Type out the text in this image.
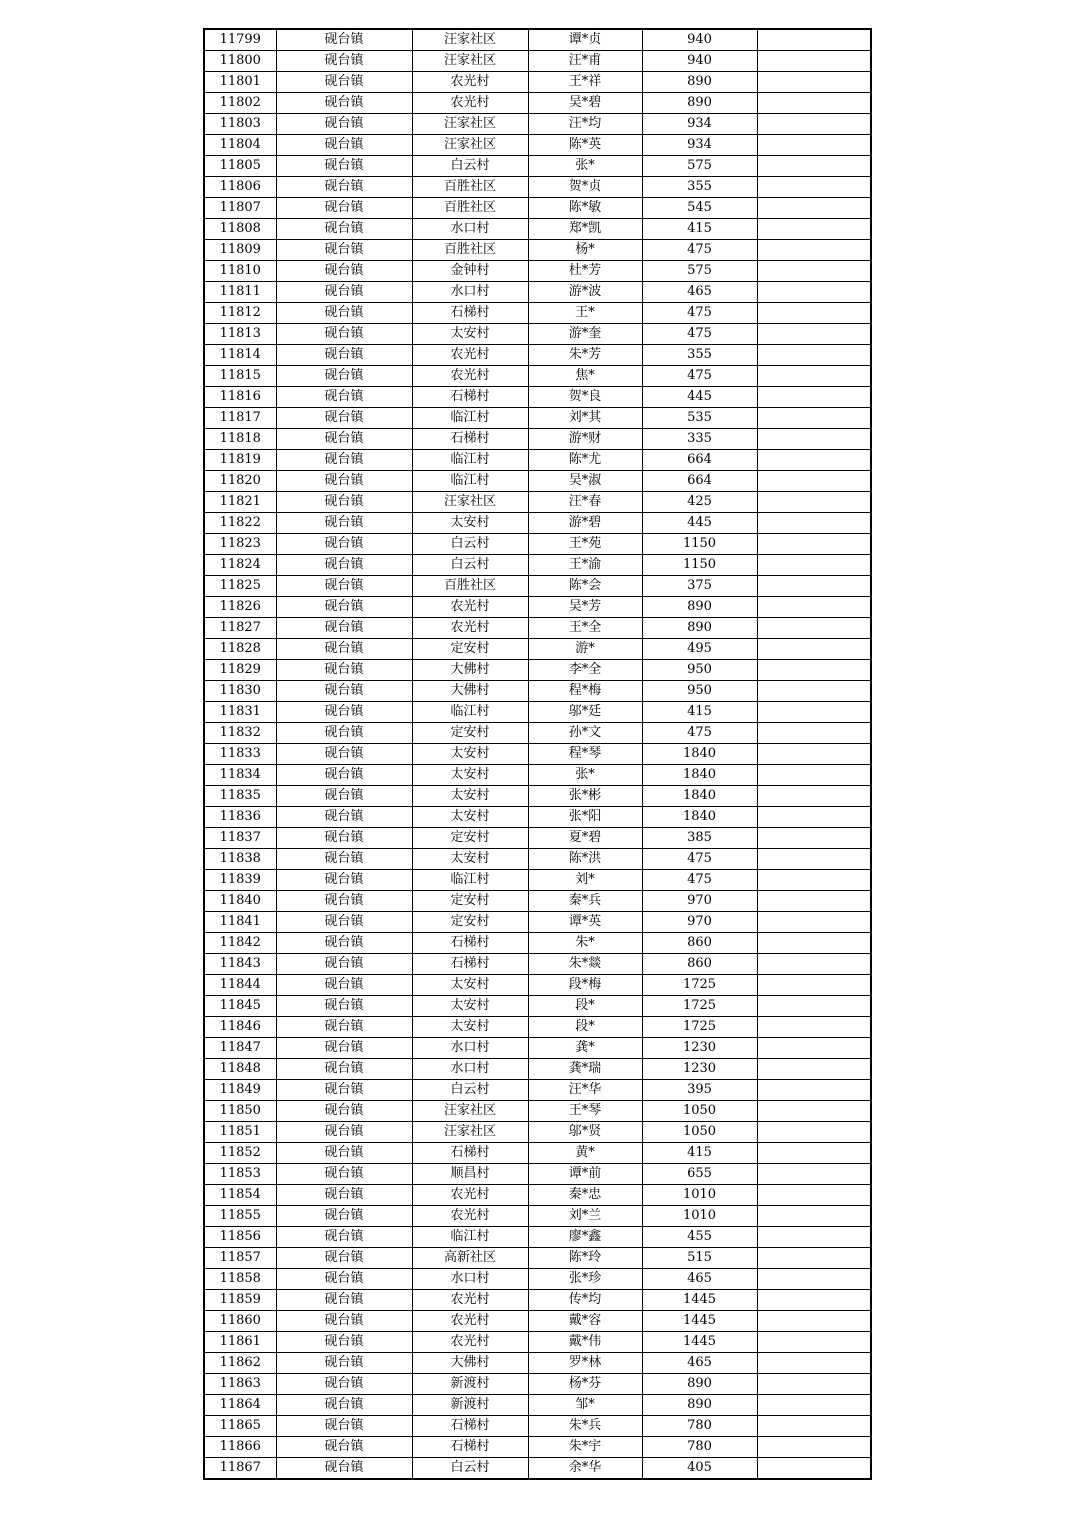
11799	砚台镇	汪家社区	谭*贞	940	
11800	砚台镇	汪家社区	汪*甫	940	
11801	砚台镇	农光村	王*祥	890	
11802	砚台镇	农光村	吴*碧	890	
11803	砚台镇	汪家社区	汪*均	934	
11804	砚台镇	汪家社区	陈*英	934	
11805	砚台镇	白云村	张*	575	
11806	砚台镇	百胜社区	贺*贞	355	
11807	砚台镇	百胜社区	陈*敏	545	
11808	砚台镇	水口村	郑*凯	415	
11809	砚台镇	百胜社区	杨*	475	
11810	砚台镇	金钟村	杜*芳	575	
11811	砚台镇	水口村	游*波	465	
11812	砚台镇	石梯村	王*	475	
11813	砚台镇	太安村	游*奎	475	
11814	砚台镇	农光村	朱*芳	355	
11815	砚台镇	农光村	焦*	475	
11816	砚台镇	石梯村	贺*良	445	
11817	砚台镇	临江村	刘*其	535	
11818	砚台镇	石梯村	游*财	335	
11819	砚台镇	临江村	陈*尤	664	
11820	砚台镇	临江村	吴*淑	664	
11821	砚台镇	汪家社区	汪*春	425	
11822	砚台镇	太安村	游*碧	445	
11823	砚台镇	白云村	王*苑	1150	
11824	砚台镇	白云村	王*渝	1150	
11825	砚台镇	百胜社区	陈*会	375	
11826	砚台镇	农光村	吴*芳	890	
11827	砚台镇	农光村	王*全	890	
11828	砚台镇	定安村	游*	495	
11829	砚台镇	大佛村	李*全	950	
11830	砚台镇	大佛村	程*梅	950	
11831	砚台镇	临江村	邬*廷	415	
11832	砚台镇	定安村	孙*文	475	
11833	砚台镇	太安村	程*琴	1840	
11834	砚台镇	太安村	张*	1840	
11835	砚台镇	太安村	张*彬	1840	
11836	砚台镇	太安村	张*阳	1840	
11837	砚台镇	定安村	夏*碧	385	
11838	砚台镇	太安村	陈*洪	475	
11839	砚台镇	临江村	刘*	475	
11840	砚台镇	定安村	秦*兵	970	
11841	砚台镇	定安村	谭*英	970	
11842	砚台镇	石梯村	朱*	860	
11843	砚台镇	石梯村	朱*燚	860	
11844	砚台镇	太安村	段*梅	1725	
11845	砚台镇	太安村	段*	1725	
11846	砚台镇	太安村	段*	1725	
11847	砚台镇	水口村	龚*	1230	
11848	砚台镇	水口村	龚*瑞	1230	
11849	砚台镇	白云村	汪*华	395	
11850	砚台镇	汪家社区	王*琴	1050	
11851	砚台镇	汪家社区	邬*贤	1050	
11852	砚台镇	石梯村	黄*	415	
11853	砚台镇	顺昌村	谭*前	655	
11854	砚台镇	农光村	秦*忠	1010	
11855	砚台镇	农光村	刘*兰	1010	
11856	砚台镇	临江村	廖*鑫	455	
11857	砚台镇	高新社区	陈*玲	515	
11858	砚台镇	水口村	张*珍	465	
11859	砚台镇	农光村	传*均	1445	
11860	砚台镇	农光村	戴*容	1445	
11861	砚台镇	农光村	戴*伟	1445	
11862	砚台镇	大佛村	罗*林	465	
11863	砚台镇	新渡村	杨*芬	890	
11864	砚台镇	新渡村	邹*	890	
11865	砚台镇	石梯村	朱*兵	780	
11866	砚台镇	石梯村	朱*宇	780	
11867	砚台镇	白云村	余*华	405	
